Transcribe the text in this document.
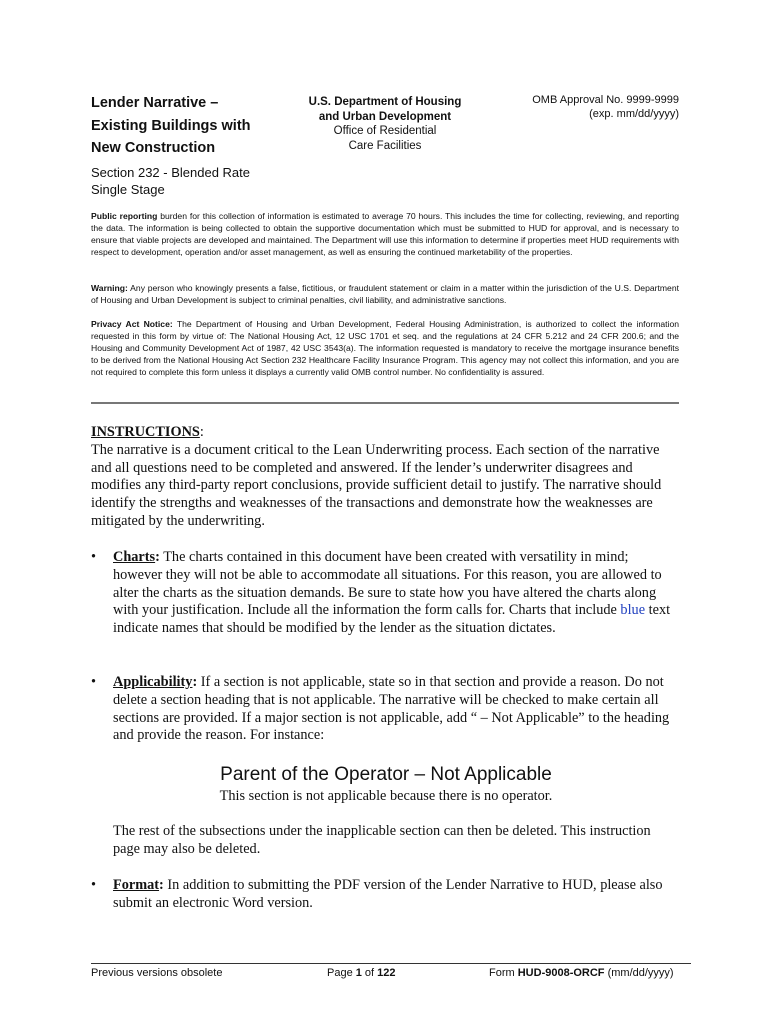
Lender Narrative –
Existing Buildings with
New Construction
Section 232 - Blended Rate
Single Stage
U.S. Department of Housing
and Urban Development
Office of Residential
Care Facilities
OMB Approval No. 9999-9999
(exp. mm/dd/yyyy)

Public reporting burden for this collection of information is estimated to average 70 hours. This includes the time for collecting, reviewing, and reporting the data. The information is being collected to obtain the supportive documentation which must be submitted to HUD for approval, and is necessary to ensure that viable projects are developed and maintained. The Department will use this information to determine if properties meet HUD requirements with respect to development, operation and/or asset management, as well as ensuring the continued marketability of the properties.

Warning: Any person who knowingly presents a false, fictitious, or fraudulent statement or claim in a matter within the jurisdiction of the U.S. Department of Housing and Urban Development is subject to criminal penalties, civil liability, and administrative sanctions.

Privacy Act Notice: The Department of Housing and Urban Development, Federal Housing Administration, is authorized to collect the information requested in this form by virtue of: The National Housing Act, 12 USC 1701 et seq. and the regulations at 24 CFR 5.212 and 24 CFR 200.6; and the Housing and Community Development Act of 1987, 42 USC 3543(a). The information requested is mandatory to receive the mortgage insurance benefits to be derived from the National Housing Act Section 232 Healthcare Facility Insurance Program. This agency may not collect this information, and you are not required to complete this form unless it displays a currently valid OMB control number. No confidentiality is assured.

INSTRUCTIONS:

The narrative is a document critical to the Lean Underwriting process. Each section of the narrative and all questions need to be completed and answered. If the lender’s underwriter disagrees and modifies any third-party report conclusions, provide sufficient detail to justify. The narrative should identify the strengths and weaknesses of the transactions and demonstrate how the weaknesses are mitigated by the underwriting.

•	Charts: The charts contained in this document have been created with versatility in mind; however they will not be able to accommodate all situations. For this reason, you are allowed to alter the charts as the situation demands. Be sure to state how you have altered the charts along with your justification. Include all the information the form calls for. Charts that include blue text indicate names that should be modified by the lender as the situation dictates.
•	Applicability: If a section is not applicable, state so in that section and provide a reason. Do not delete a section heading that is not applicable. The narrative will be checked to make certain all sections are provided. If a major section is not applicable, add “ – Not Applicable” to the heading and provide the reason. For instance:
Parent of the Operator – Not Applicable
This section is not applicable because there is no operator.

The rest of the subsections under the inapplicable section can then be deleted. This instruction page may also be deleted.

•	Format: In addition to submitting the PDF version of the Lender Narrative to HUD, please also submit an electronic Word version.
Previous versions obsolete	Page 1 of 122	Form HUD-9008-ORCF (mm/dd/yyyy)
